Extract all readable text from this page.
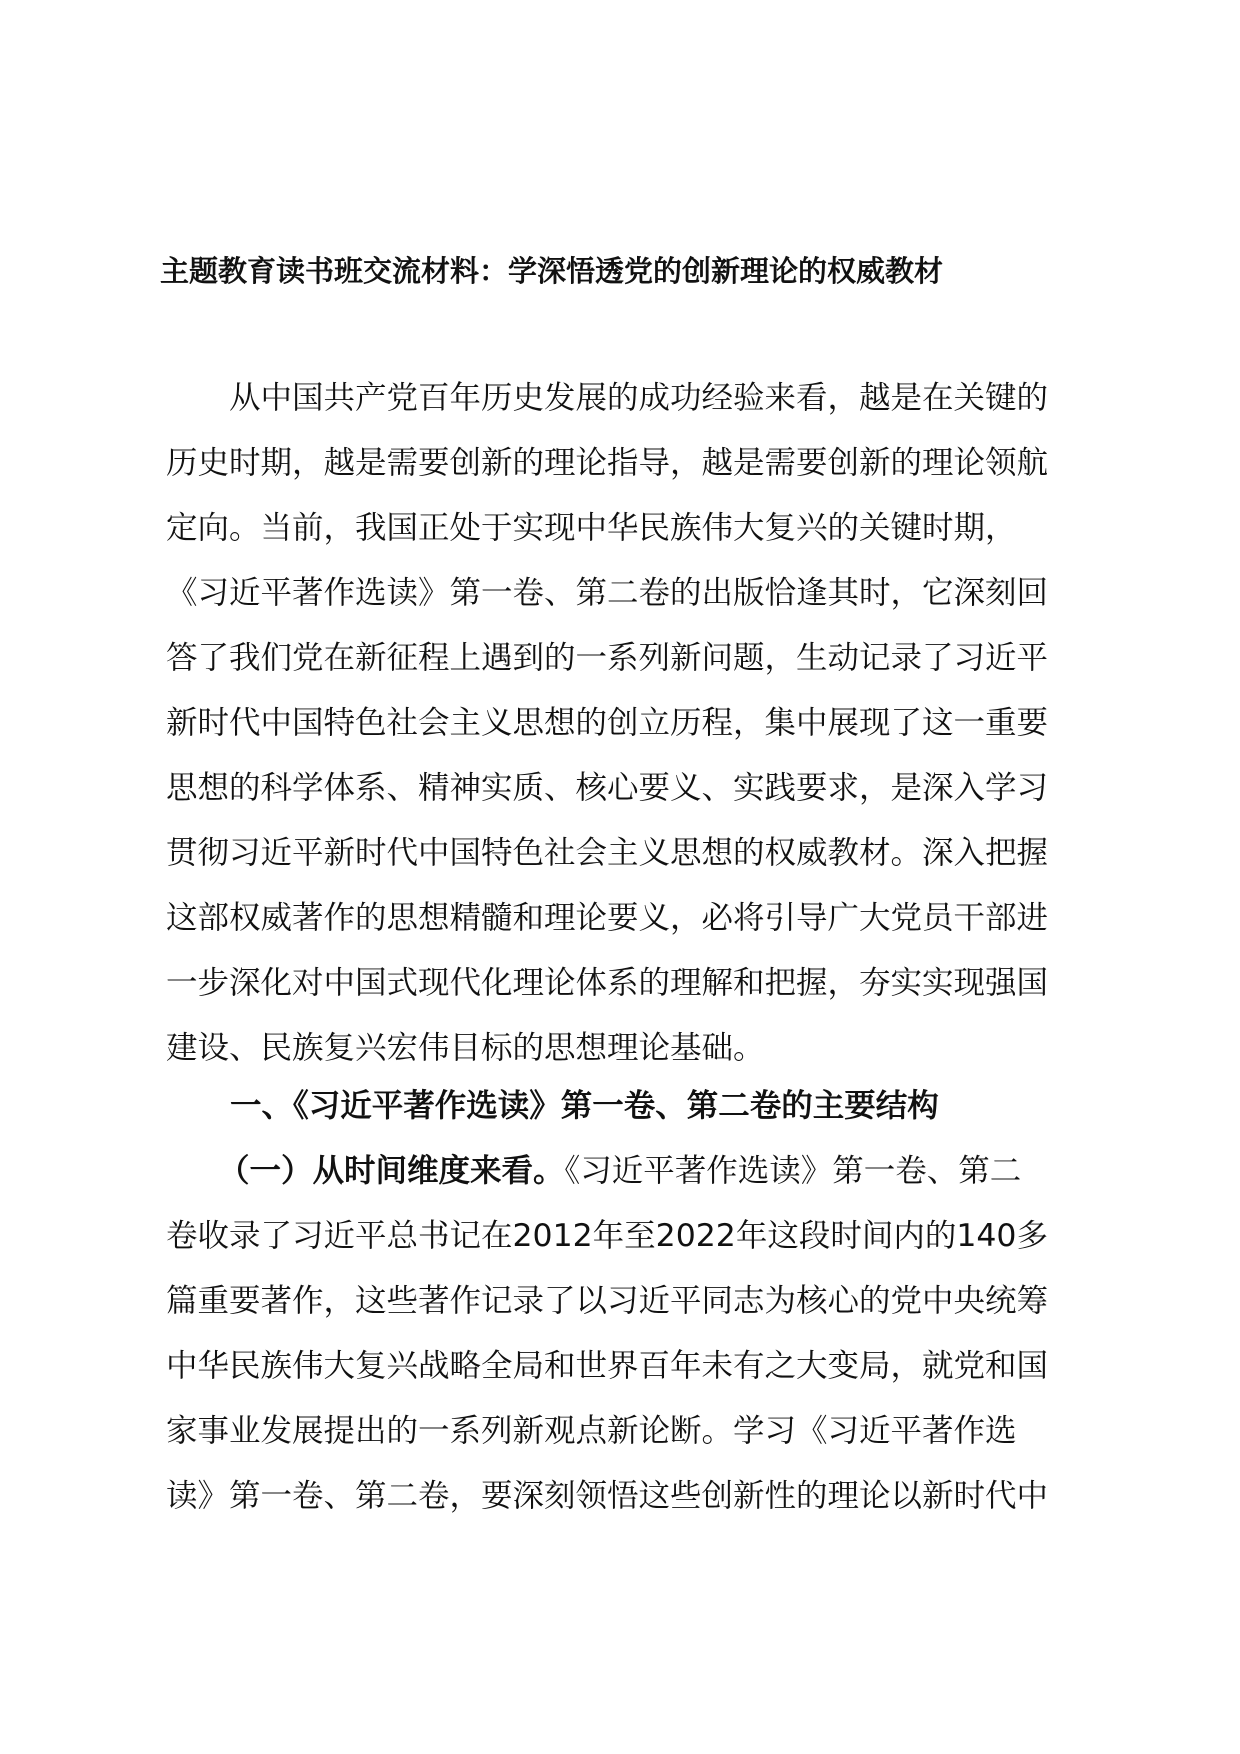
主题教育读书班交流材料：学深悟透党的创新理论的权威教材
　　从中国共产党百年历史发展的成功经验来看，越是在关键的
历史时期，越是需要创新的理论指导，越是需要创新的理论领航
定向。当前，我国正处于实现中华民族伟大复兴的关键时期，
《习近平著作选读》第一卷、第二卷的出版恰逢其时，它深刻回
答了我们党在新征程上遇到的一系列新问题，生动记录了习近平
新时代中国特色社会主义思想的创立历程，集中展现了这一重要
思想的科学体系、精神实质、核心要义、实践要求，是深入学习
贯彻习近平新时代中国特色社会主义思想的权威教材。深入把握
这部权威著作的思想精髓和理论要义，必将引导广大党员干部进
一步深化对中国式现代化理论体系的理解和把握，夯实实现强国
建设、民族复兴宏伟目标的思想理论基础。
一、《习近平著作选读》第一卷、第二卷的主要结构
（一）从时间维度来看。《习近平著作选读》第一卷、第二
卷收录了习近平总书记在2012年至2022年这段时间内的140多
篇重要著作，这些著作记录了以习近平同志为核心的党中央统筹
中华民族伟大复兴战略全局和世界百年未有之大变局，就党和国
家事业发展提出的一系列新观点新论断。学习《习近平著作选
读》第一卷、第二卷，要深刻领悟这些创新性的理论以新时代中
